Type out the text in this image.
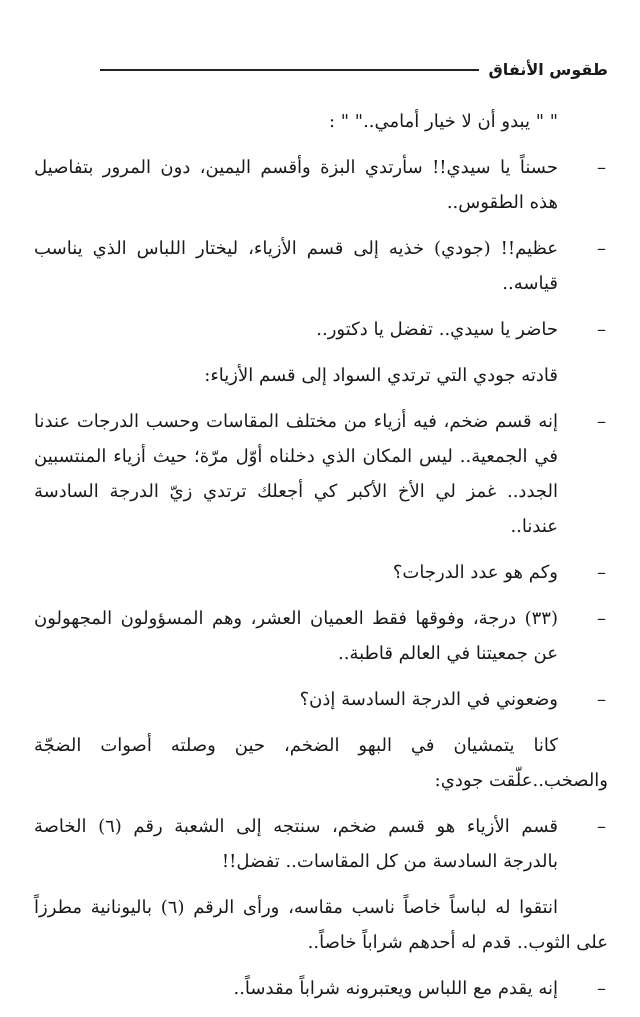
طقوس الأنفاق

" " يبدو أن لا خيار أمامي.." " :

–
حسناً يا سيدي!! سأرتدي البزة وأقسم اليمين، دون المرور بتفاصيل هذه الطقوس..

–
عظيم!! (جودي) خذيه إلى قسم الأزياء، ليختار اللباس الذي يناسب قياسه..

–
حاضر يا سيدي.. تفضل يا دكتور..

قادته جودي التي ترتدي السواد إلى قسم الأزياء:

–
إنه قسم ضخم، فيه أزياء من مختلف المقاسات وحسب الدرجات عندنا في الجمعية.. ليس المكان الذي دخلناه أوّل مرّة؛ حيث أزياء المنتسبين الجدد.. غمز لي الأخ الأكبر كي أجعلك ترتدي زيّ الدرجة السادسة عندنا..

–
وكم هو عدد الدرجات؟

–
(٣٣) درجة، وفوقها فقط العميان العشر، وهم المسؤولون المجهولون عن جمعيتنا في العالم قاطبة..

–
وضعوني في الدرجة السادسة إذن؟

كانا يتمشيان في البهو الضخم، حين وصلته أصوات الضجّة والصخب..علّقت جودي:

–
قسم الأزياء هو قسم ضخم، سنتجه إلى الشعبة رقم (٦) الخاصة بالدرجة السادسة من كل المقاسات.. تفضل!!

انتقوا له لباساً خاصاً ناسب مقاسه، ورأى الرقم (٦) باليونانية مطرزاً على الثوب.. قدم له أحدهم شراباً خاصاً..

–
إنه يقدم مع اللباس ويعتبرونه شراباً مقدساً..
